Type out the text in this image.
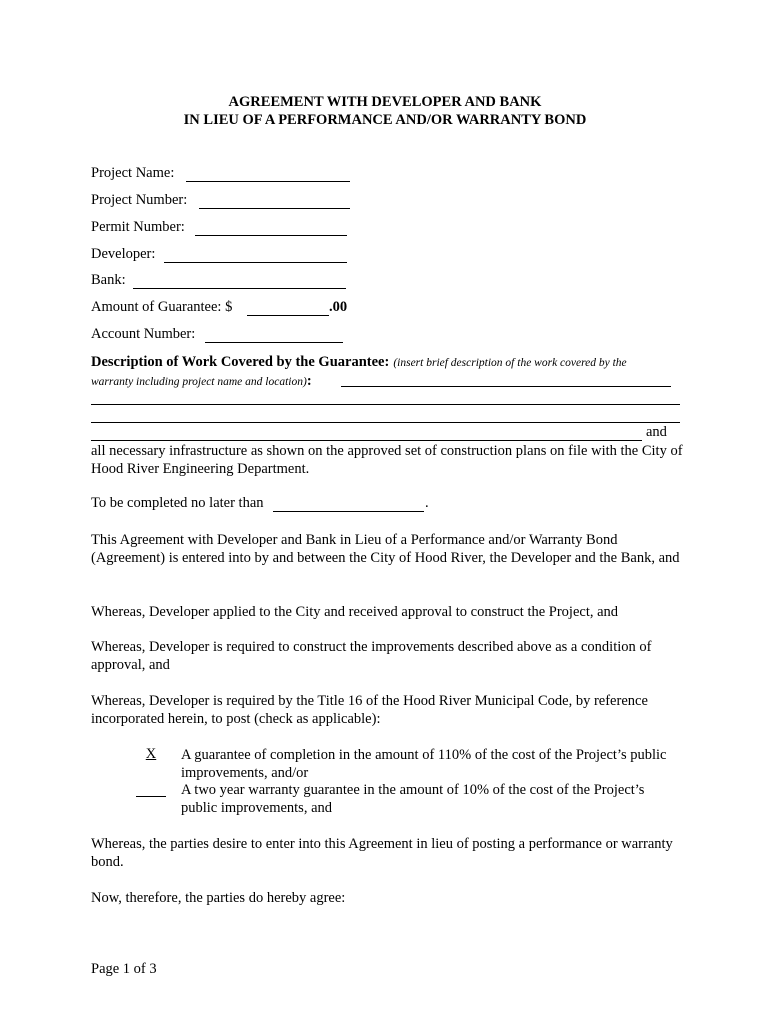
AGREEMENT WITH DEVELOPER AND BANK
IN LIEU OF A PERFORMANCE AND/OR WARRANTY BOND
Project Name:
Project Number:
Permit Number:
Developer:
Bank:
Amount of Guarantee: $	.00
Account Number:
Description of Work Covered by the Guarantee: (insert brief description of the work covered by the
warranty including project name and location):
and
all necessary infrastructure as shown on the approved set of construction plans on file with the City of Hood River Engineering Department.
To be completed no later than	.
This Agreement with Developer and Bank in Lieu of a Performance and/or Warranty Bond (Agreement) is entered into by and between the City of Hood River, the Developer and the Bank, and
Whereas, Developer applied to the City and received approval to construct the Project, and
Whereas, Developer is required to construct the improvements described above as a condition of approval, and
Whereas, Developer is required by the Title 16 of the Hood River Municipal Code, by reference incorporated herein, to post (check as applicable):
X	A guarantee of completion in the amount of 110% of the cost of the Project’s public improvements, and/or
A two year warranty guarantee in the amount of 10% of the cost of the Project’s public improvements, and
Whereas, the parties desire to enter into this Agreement in lieu of posting a performance or warranty bond.
Now, therefore, the parties do hereby agree:
Page 1 of 3
